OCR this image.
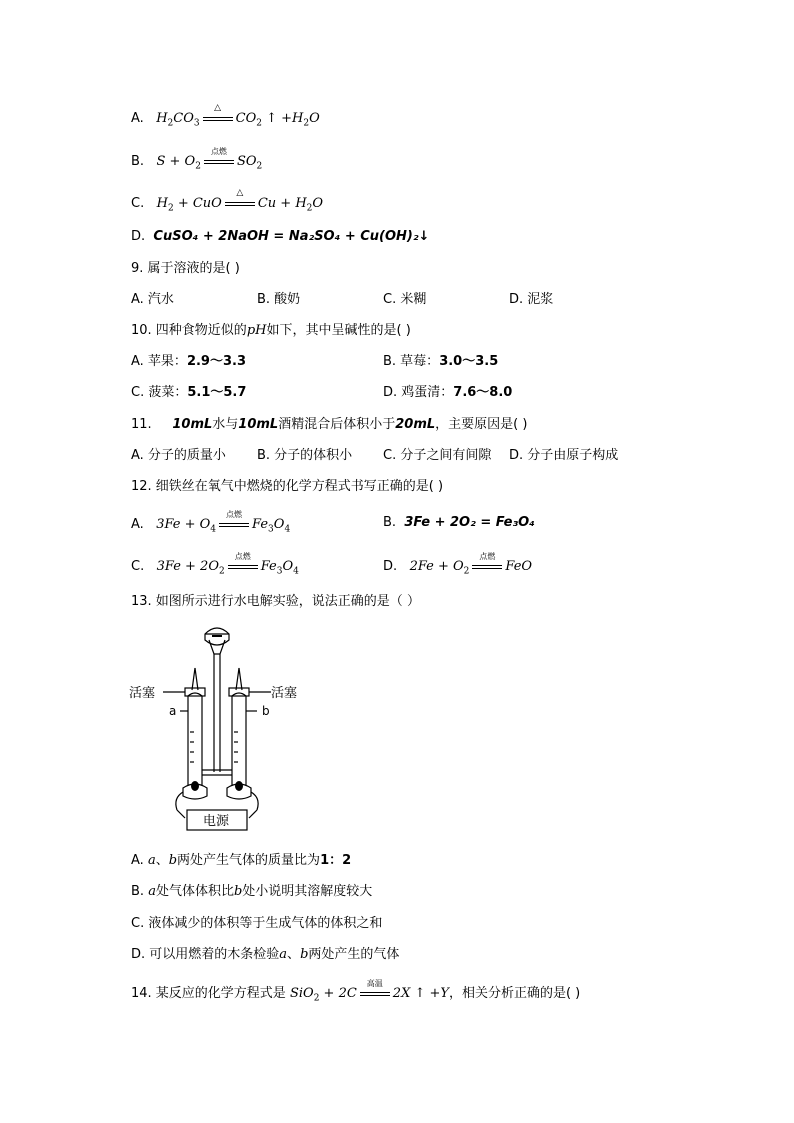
A. $H_2CO_3$
△
$CO_2$ ↑ $+H_2O$
B. $S + O_2$
点燃
$SO_2$
C. $H_2$ + CuO
△
$Cu + H_2O$
D. CuSO₄ + 2NaOH = Na₂SO₄ + Cu(OH)₂↓
9. 属于溶液的是( )
A. 汽水	B. 酸奶	C. 米糊	D. 泥浆
10. 四种食物近似的pH如下，其中呈碱性的是( )
A. 苹果：2.9～3.3	B. 草莓：3.0～3.5
C. 菠菜：5.1～5.7	D. 鸡蛋清：7.6～8.0
11. 10mL水与10mL酒精混合后体积小于20mL，主要原因是( )
A. 分子的质量小 B. 分子的体积小 C. 分子之间有间隙 D. 分子由原子构成
12. 细铁丝在氧气中燃烧的化学方程式书写正确的是( )
A. $3Fe + O_4$
点燃
$Fe_3O_4$	B. 3Fe + 2O₂ = Fe₃O₄
C. $3Fe + 2O_2$
点燃
$Fe_3O_4$	D. $2Fe + O_2$
点燃
FeO
13. 如图所示进行水电解实验，说法正确的是（ ）
活塞	活塞
a	b
电源
A. a、b两处产生气体的质量比为1：2
B. a处气体体积比b处小说明其溶解度较大
C. 液体减少的体积等于生成气体的体积之和
D. 可以用燃着的木条检验a、b两处产生的气体
14. 某反应的化学方程式是 SiO$_2$ + 2C
高温
2X ↑ +Y，相关分析正确的是( )
